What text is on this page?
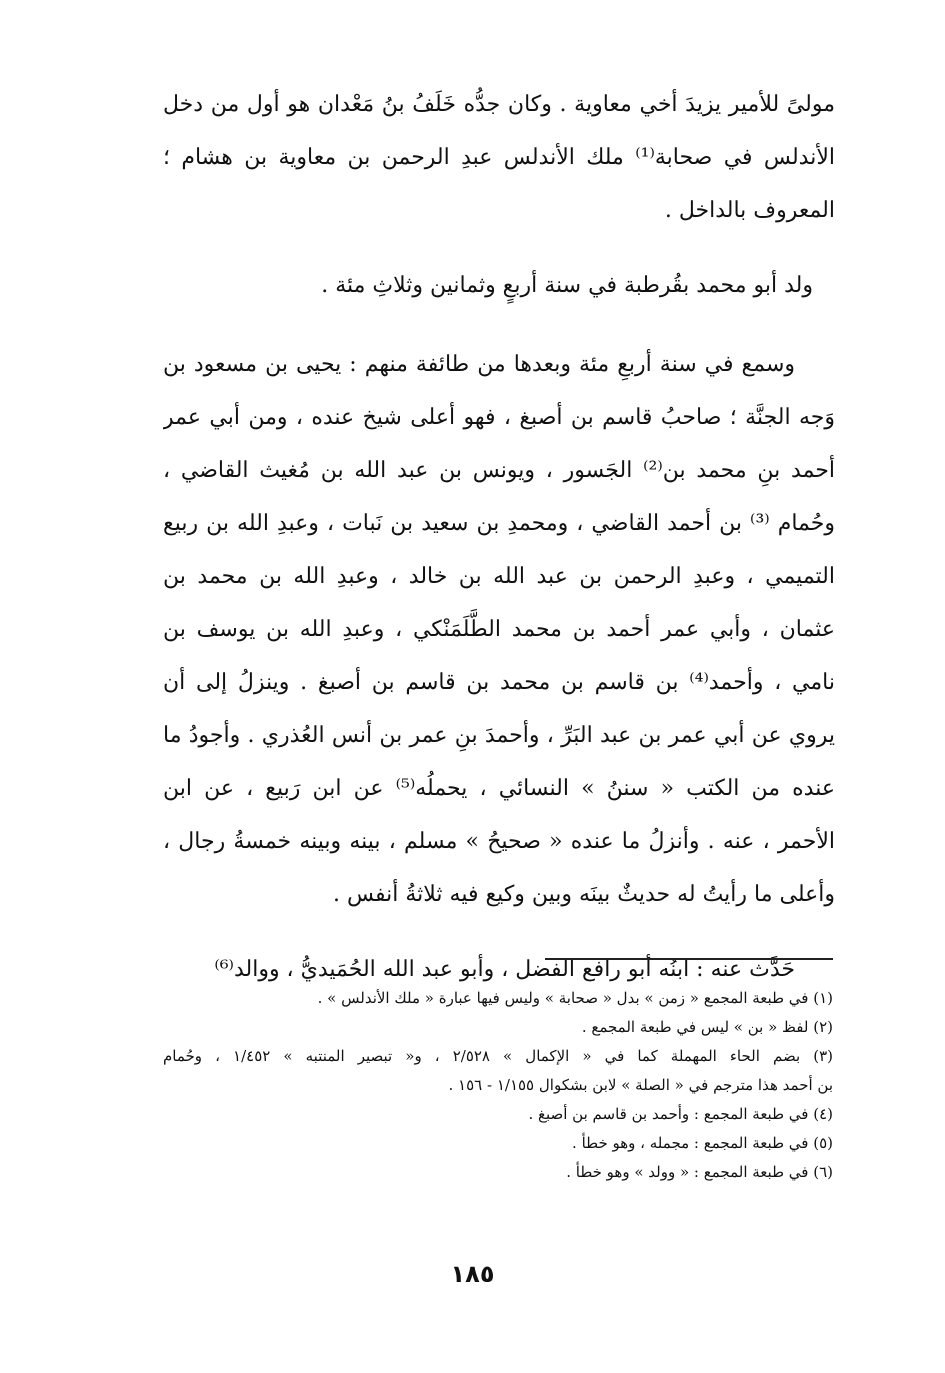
مولىً للأمير يزيدَ أخي معاوية . وكان جدُّه خَلَفُ بنُ مَعْدان هو أول من دخل
الأندلس في صحابة⁽¹⁾ ملك الأندلس عبدِ الرحمن بن معاوية بن هشام ؛
المعروف بالداخل .
ولد أبو محمد بقُرطبة في سنة أربعٍ وثمانين وثلاثِ مئة .
وسمع في سنة أربعِ مئة وبعدها من طائفة منهم : يحيى بن مسعود بن
وَجه الجنَّة ؛ صاحبُ قاسم بن أصبغ ، فهو أعلى شيخ عنده ، ومن أبي عمر
أحمد بنِ محمد بن⁽²⁾ الجَسور ، ويونس بن عبد الله بن مُغيث القاضي ،
وحُمام ⁽³⁾ بن أحمد القاضي ، ومحمدِ بن سعيد بن نَبات ، وعبدِ الله بن ربيع
التميمي ، وعبدِ الرحمن بن عبد الله بن خالد ، وعبدِ الله بن محمد بن
عثمان ، وأبي عمر أحمد بن محمد الطَّلَمَنْكي ، وعبدِ الله بن يوسف بن
نامي ، وأحمد⁽⁴⁾ بن قاسم بن محمد بن قاسم بن أصبغ . وينزلُ إلى أن
يروي عن أبي عمر بن عبد البَرِّ ، وأحمدَ بنِ عمر بن أنس العُذري . وأجودُ ما
عنده من الكتب « سننُ » النسائي ، يحملُه⁽⁵⁾ عن ابن رَبيع ، عن ابن
الأحمر ، عنه . وأنزلُ ما عنده « صحيحُ » مسلم ، بينه وبينه خمسةُ رجال ،
وأعلى ما رأيتُ له حديثٌ بينَه وبين وكيع فيه ثلاثةُ أنفس .
حَدَّث عنه : ابنُه أبو رافع الفضل ، وأبو عبد الله الحُمَيديُّ ، ووالد⁽⁶⁾
(١) في طبعة المجمع « زمن » بدل « صحابة » وليس فيها عبارة « ملك الأندلس » .
(٢) لفظ « بن » ليس في طبعة المجمع .
(٣) بضم الحاء المهملة كما في « الإكمال » ٢/٥٢٨ ، و« تبصير المنتبه » ١/٤٥٢ ، وحُمام
بن أحمد هذا مترجم في « الصلة » لابن بشكوال ١/١٥٥ - ١٥٦ .
(٤) في طبعة المجمع : وأحمد بن قاسم بن أصبغ .
(٥) في طبعة المجمع : مجمله ، وهو خطأ .
(٦) في طبعة المجمع : « وولد » وهو خطأ .
١٨٥
